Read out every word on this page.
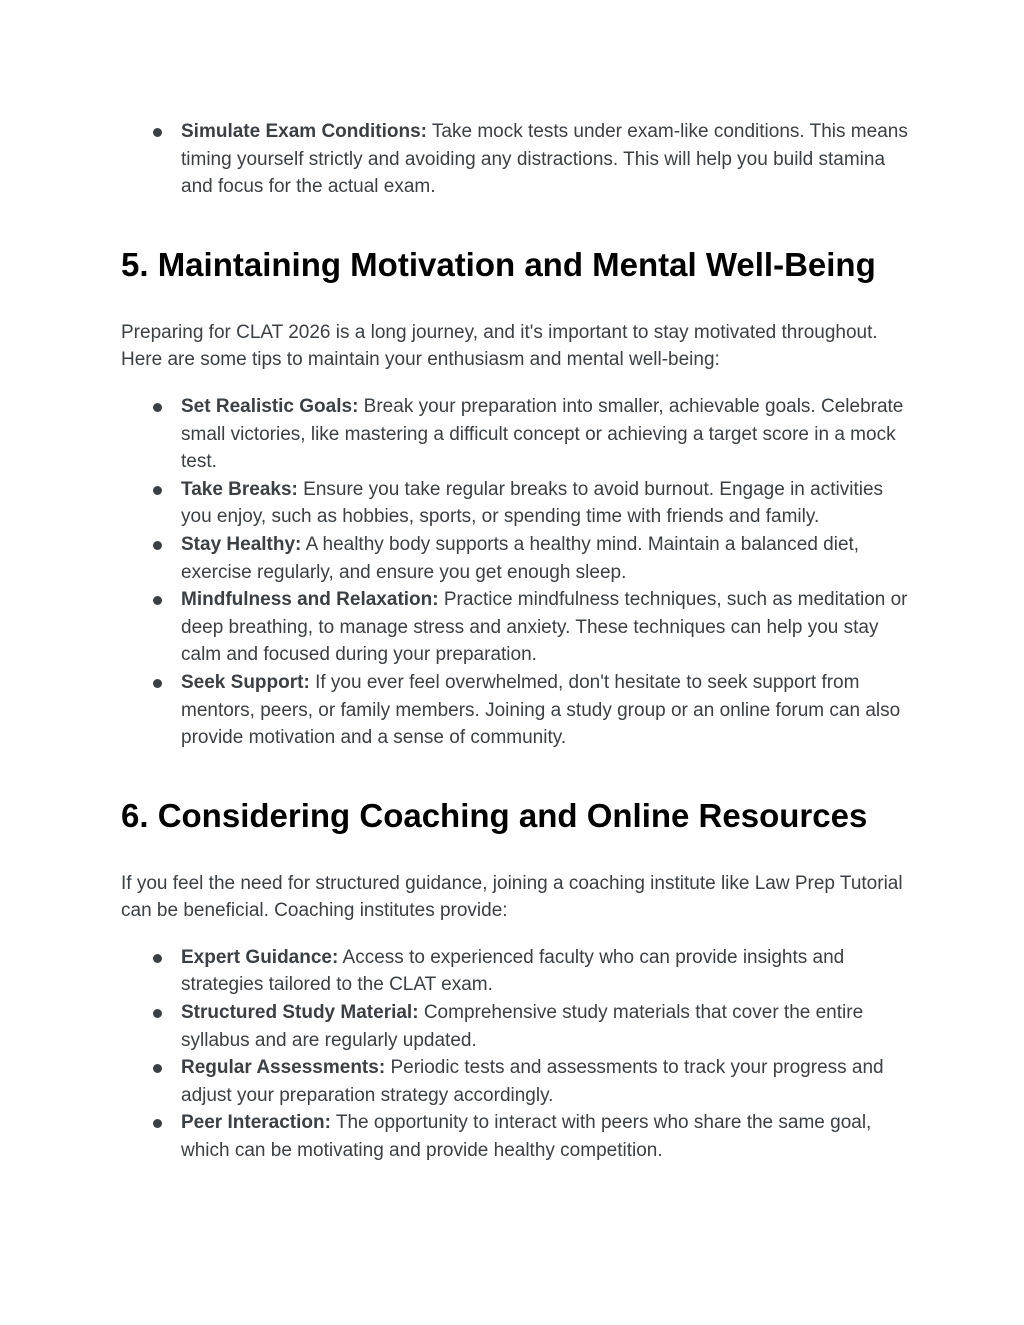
Simulate Exam Conditions: Take mock tests under exam-like conditions. This means timing yourself strictly and avoiding any distractions. This will help you build stamina and focus for the actual exam.
5. Maintaining Motivation and Mental Well-Being

Preparing for CLAT 2026 is a long journey, and it's important to stay motivated throughout. Here are some tips to maintain your enthusiasm and mental well-being:

Set Realistic Goals: Break your preparation into smaller, achievable goals. Celebrate small victories, like mastering a difficult concept or achieving a target score in a mock test.
Take Breaks: Ensure you take regular breaks to avoid burnout. Engage in activities you enjoy, such as hobbies, sports, or spending time with friends and family.
Stay Healthy: A healthy body supports a healthy mind. Maintain a balanced diet, exercise regularly, and ensure you get enough sleep.
Mindfulness and Relaxation: Practice mindfulness techniques, such as meditation or deep breathing, to manage stress and anxiety. These techniques can help you stay calm and focused during your preparation.
Seek Support: If you ever feel overwhelmed, don't hesitate to seek support from mentors, peers, or family members. Joining a study group or an online forum can also provide motivation and a sense of community.
6. Considering Coaching and Online Resources

If you feel the need for structured guidance, joining a coaching institute like Law Prep Tutorial can be beneficial. Coaching institutes provide:

Expert Guidance: Access to experienced faculty who can provide insights and strategies tailored to the CLAT exam.
Structured Study Material: Comprehensive study materials that cover the entire syllabus and are regularly updated.
Regular Assessments: Periodic tests and assessments to track your progress and adjust your preparation strategy accordingly.
Peer Interaction: The opportunity to interact with peers who share the same goal, which can be motivating and provide healthy competition.
